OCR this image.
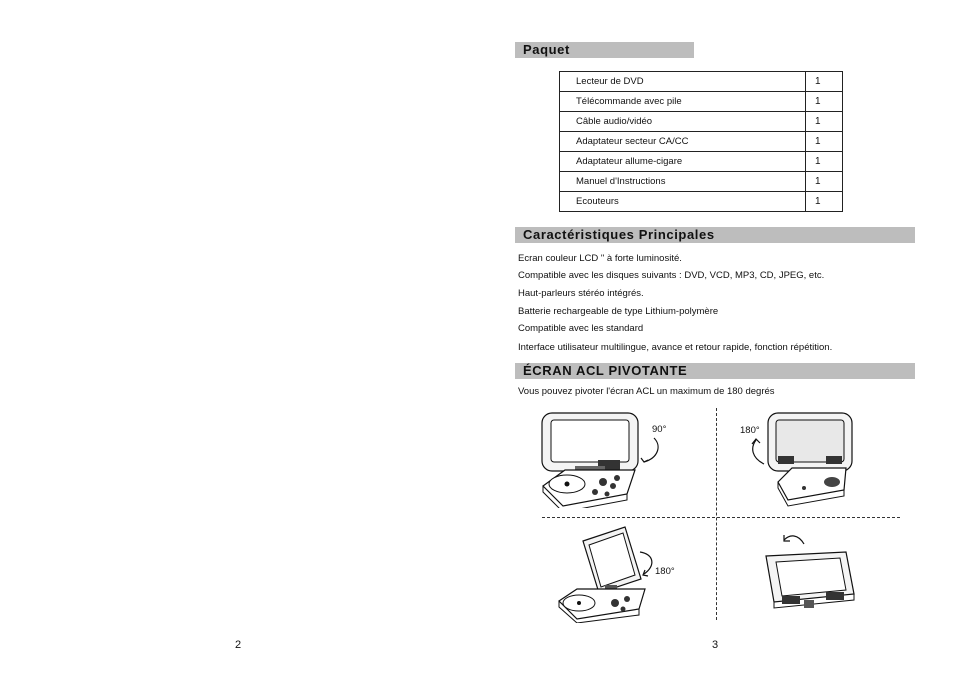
2
Paquet
Lecteur de DVD	1
Télécommande avec pile	1
Câble audio/vidéo	1
Adaptateur secteur CA/CC	1
Adaptateur allume-cigare	1
Manuel d'Instructions	1
Ecouteurs	1
Caractéristiques Principales
Ecran couleur LCD " à forte luminosité.
Compatible avec les disques suivants : DVD, VCD, MP3, CD, JPEG, etc.
Haut-parleurs stéréo intégrés.
Batterie rechargeable de type Lithium-polymère
Compatible avec les standard
Interface utilisateur multilingue, avance et retour rapide, fonction répétition.
ÉCRAN ACL PIVOTANTE
Vous pouvez pivoter l'écran ACL un maximum de 180 degrés
90°	180°
180°
3
